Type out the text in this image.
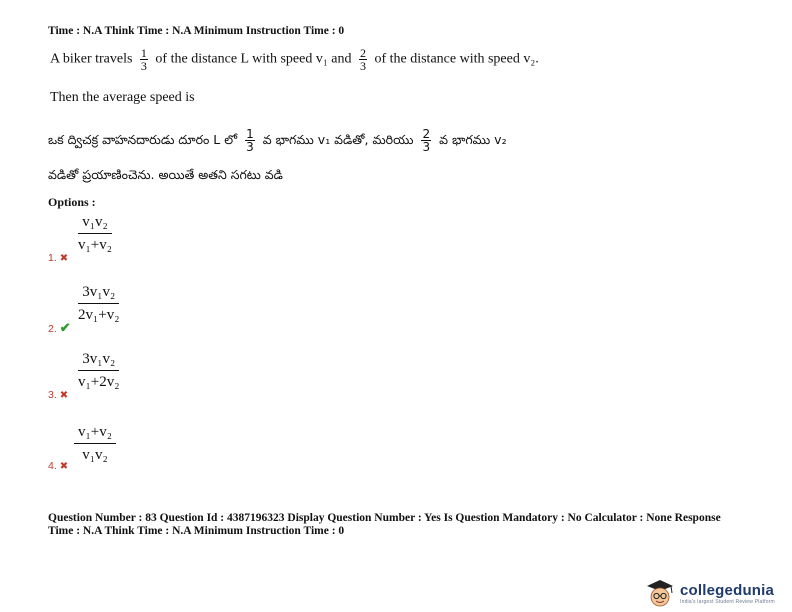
Time : N.A Think Time : N.A Minimum Instruction Time : 0
A biker travels $\frac{1}{3}$ of the distance L with speed v₁ and $\frac{2}{3}$ of the distance with speed v₂.
Then the average speed is
ఒక ద్విచక్ర వాహనదారుడు దూరం L లో $\frac{1}{3}$ వ భాగము v₁ వడితో, మరియు $\frac{2}{3}$ వ భాగము v₂
వడితో ప్రయాణించెను. అయితే అతని సగటు వడి
Options :
$\frac{\text{v₁v₂}}{\text{v₁+v₂}}$
1. ✖
$\frac{\text{3v₁v₂}}{\text{2v₁+v₂}}$
2. ✔
$\frac{\text{3v₁v₂}}{\text{v₁+2v₂}}$
3. ✖
$\frac{\text{v₁+v₂}}{\text{v₁v₂}}$
4. ✖
Question Number : 83 Question Id : 4387196323 Display Question Number : Yes Is Question Mandatory : No Calculator : None Response
Time : N.A Think Time : N.A Minimum Instruction Time : 0
collegedunia
India's largest Student Review Platform
